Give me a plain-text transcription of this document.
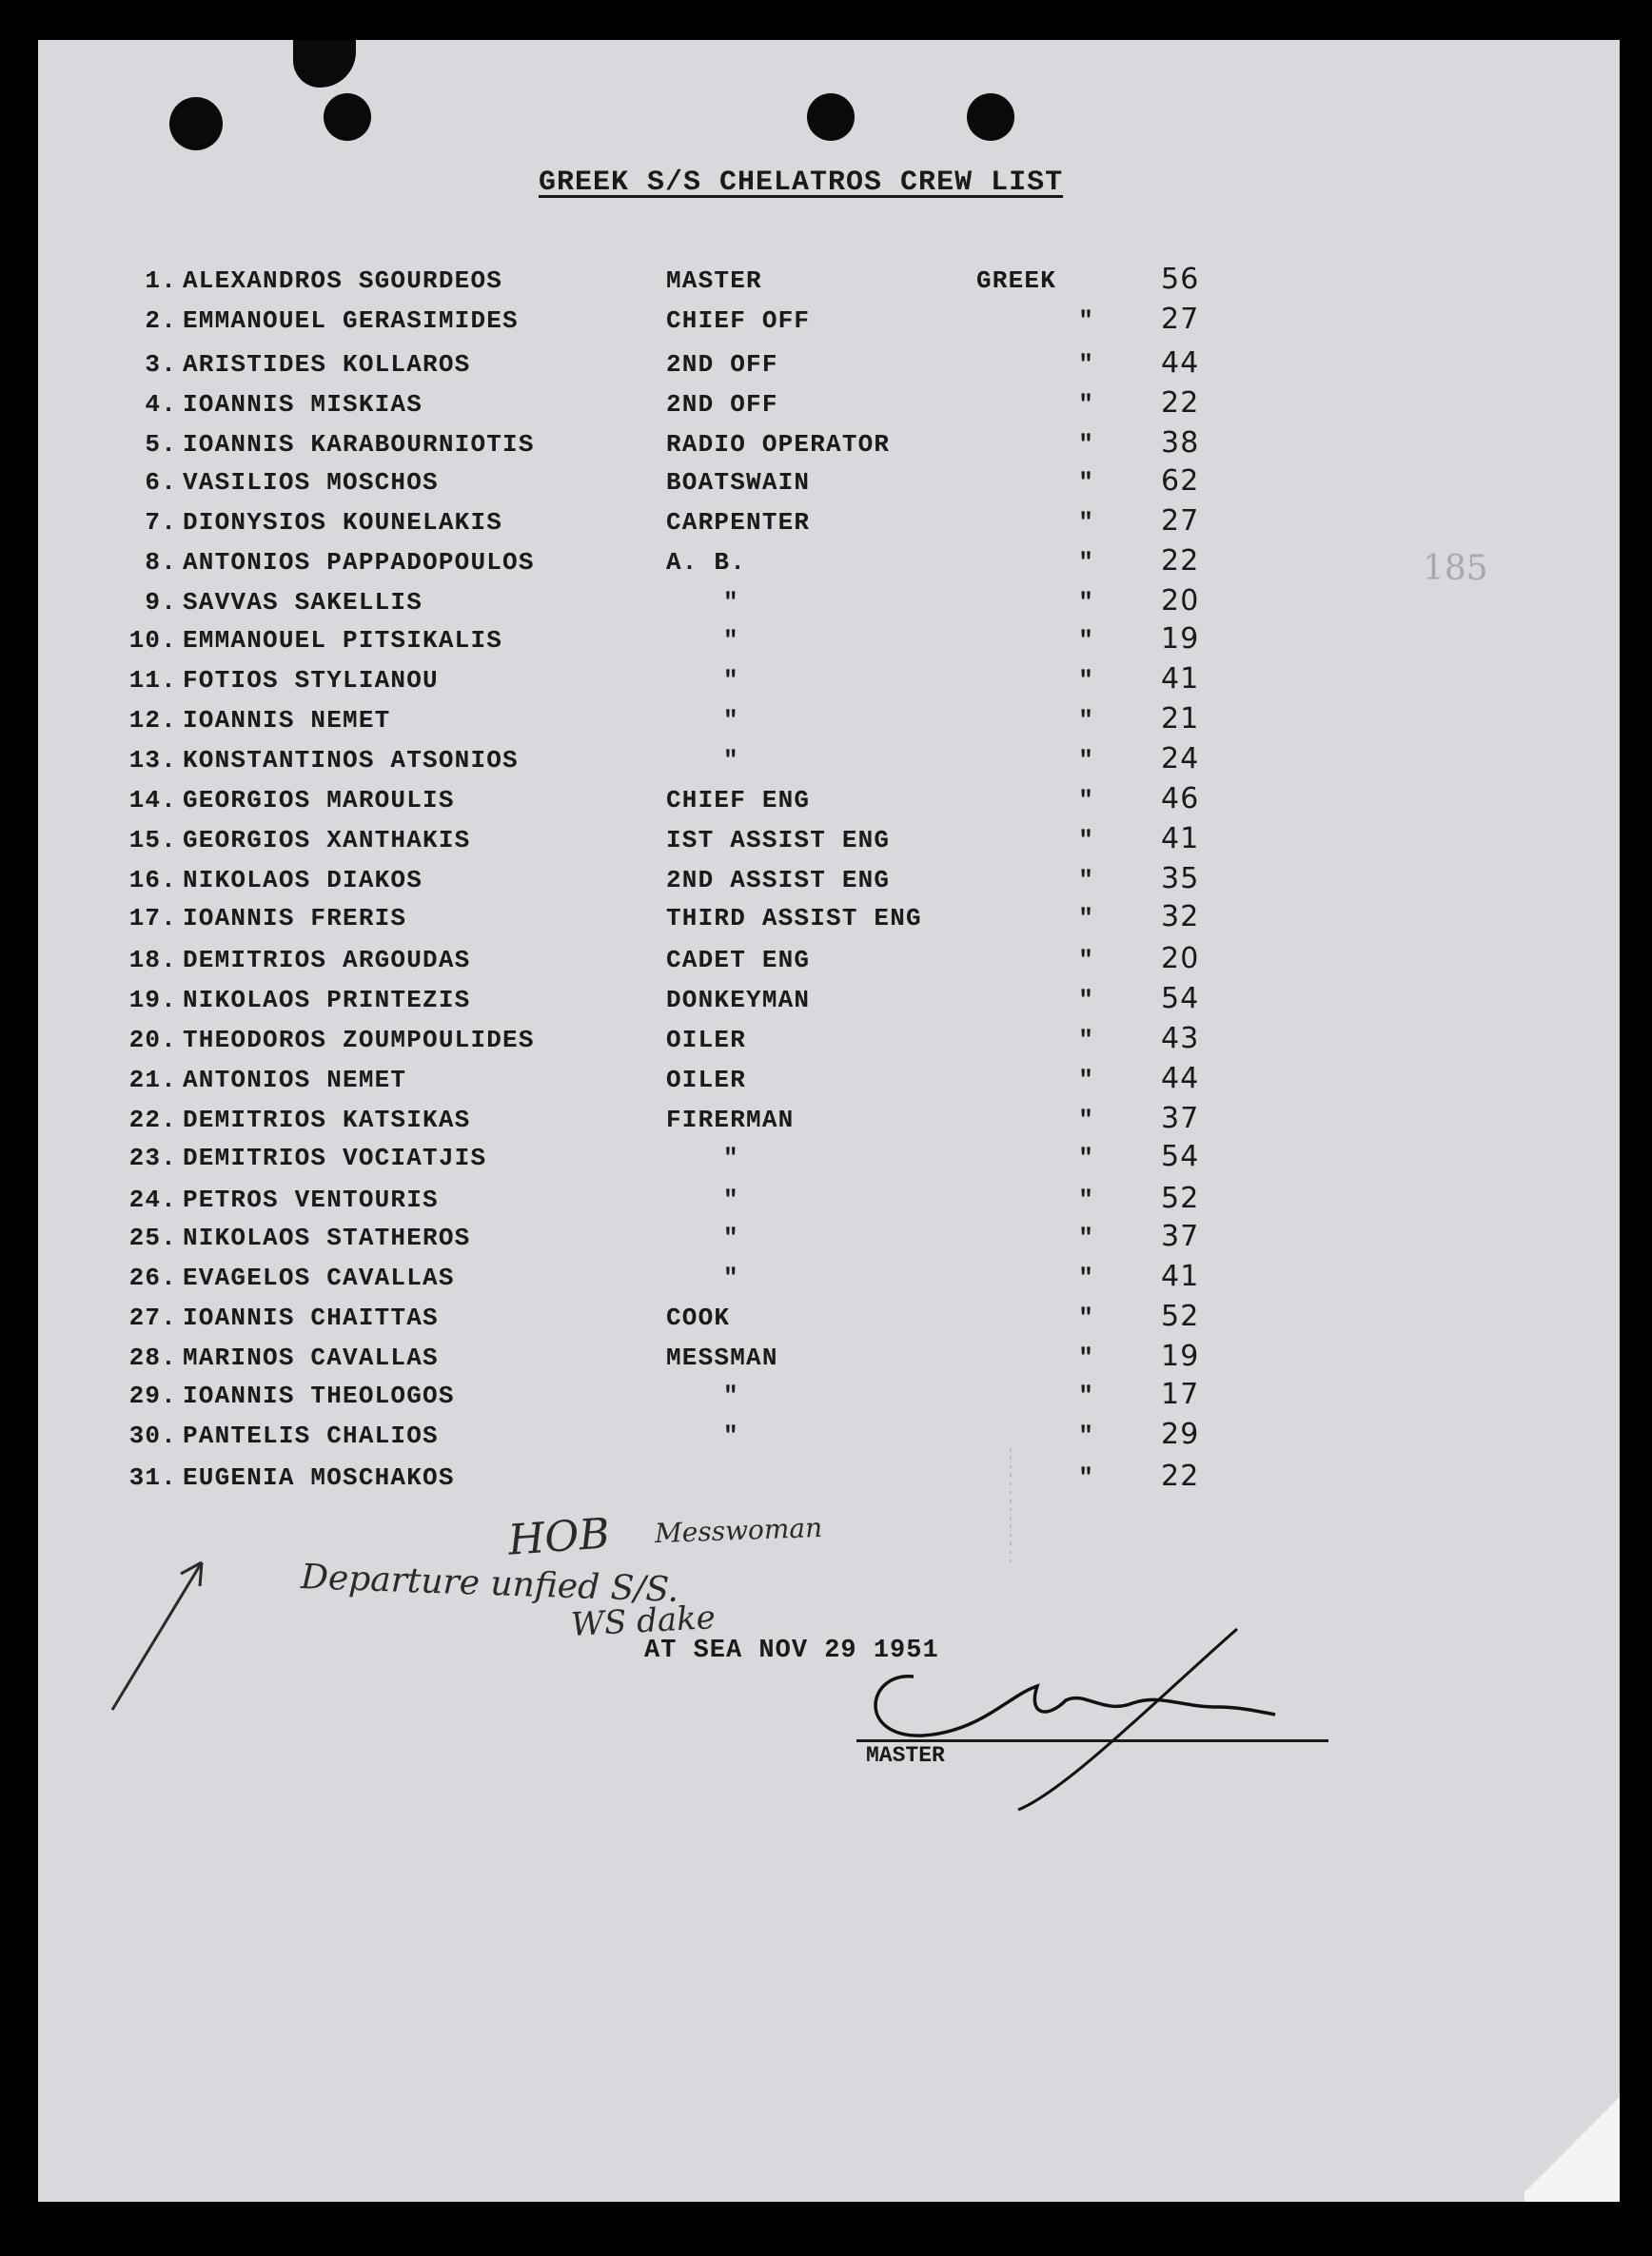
185
GREEK S/S CHELATROS CREW LIST
1. ALEXANDROS SGOURDEOS	MASTER	GREEK	56
2. EMMANOUEL GERASIMIDES	CHIEF OFF	" 27
3. ARISTIDES KOLLAROS	2ND OFF	" 44
4. IOANNIS MISKIAS	2ND OFF	" 22
5. IOANNIS KARABOURNIOTIS	RADIO OPERATOR	" 38
6. VASILIOS MOSCHOS	BOATSWAIN	" 62
7. DIONYSIOS KOUNELAKIS	CARPENTER	" 27
8. ANTONIOS PAPPADOPOULOS	A. B.	" 22
9. SAVVAS SAKELLIS	"	" 20
10. EMMANOUEL PITSIKALIS	"	" 19
11. FOTIOS STYLIANOU	"	" 41
12. IOANNIS NEMET	"	" 21
13. KONSTANTINOS ATSONIOS	"	" 24
14. GEORGIOS MAROULIS	CHIEF ENG	" 46
15. GEORGIOS XANTHAKIS	IST ASSIST ENG	" 41
16. NIKOLAOS DIAKOS	2ND ASSIST ENG	" 35
17. IOANNIS FRERIS	THIRD ASSIST ENG	" 32
18. DEMITRIOS ARGOUDAS	CADET ENG	" 20
19. NIKOLAOS PRINTEZIS	DONKEYMAN	" 54
20. THEODOROS ZOUMPOULIDES	OILER	" 43
21. ANTONIOS NEMET	OILER	" 44
22. DEMITRIOS KATSIKAS	FIRERMAN	" 37
23. DEMITRIOS VOCIATJIS	"	" 54
24. PETROS VENTOURIS	"	" 52
25. NIKOLAOS STATHEROS	"	" 37
26. EVAGELOS CAVALLAS	"	" 41
27. IOANNIS CHAITTAS	COOK	" 52
28. MARINOS CAVALLAS	MESSMAN	" 19
29. IOANNIS THEOLOGOS	"	" 17
30. PANTELIS CHALIOS	"	" 29
31. EUGENIA MOSCHAKOS	" 22
HOB Messwoman
Departure unfied S/S.
WS dake
AT SEA NOV 29 1951
MASTER
